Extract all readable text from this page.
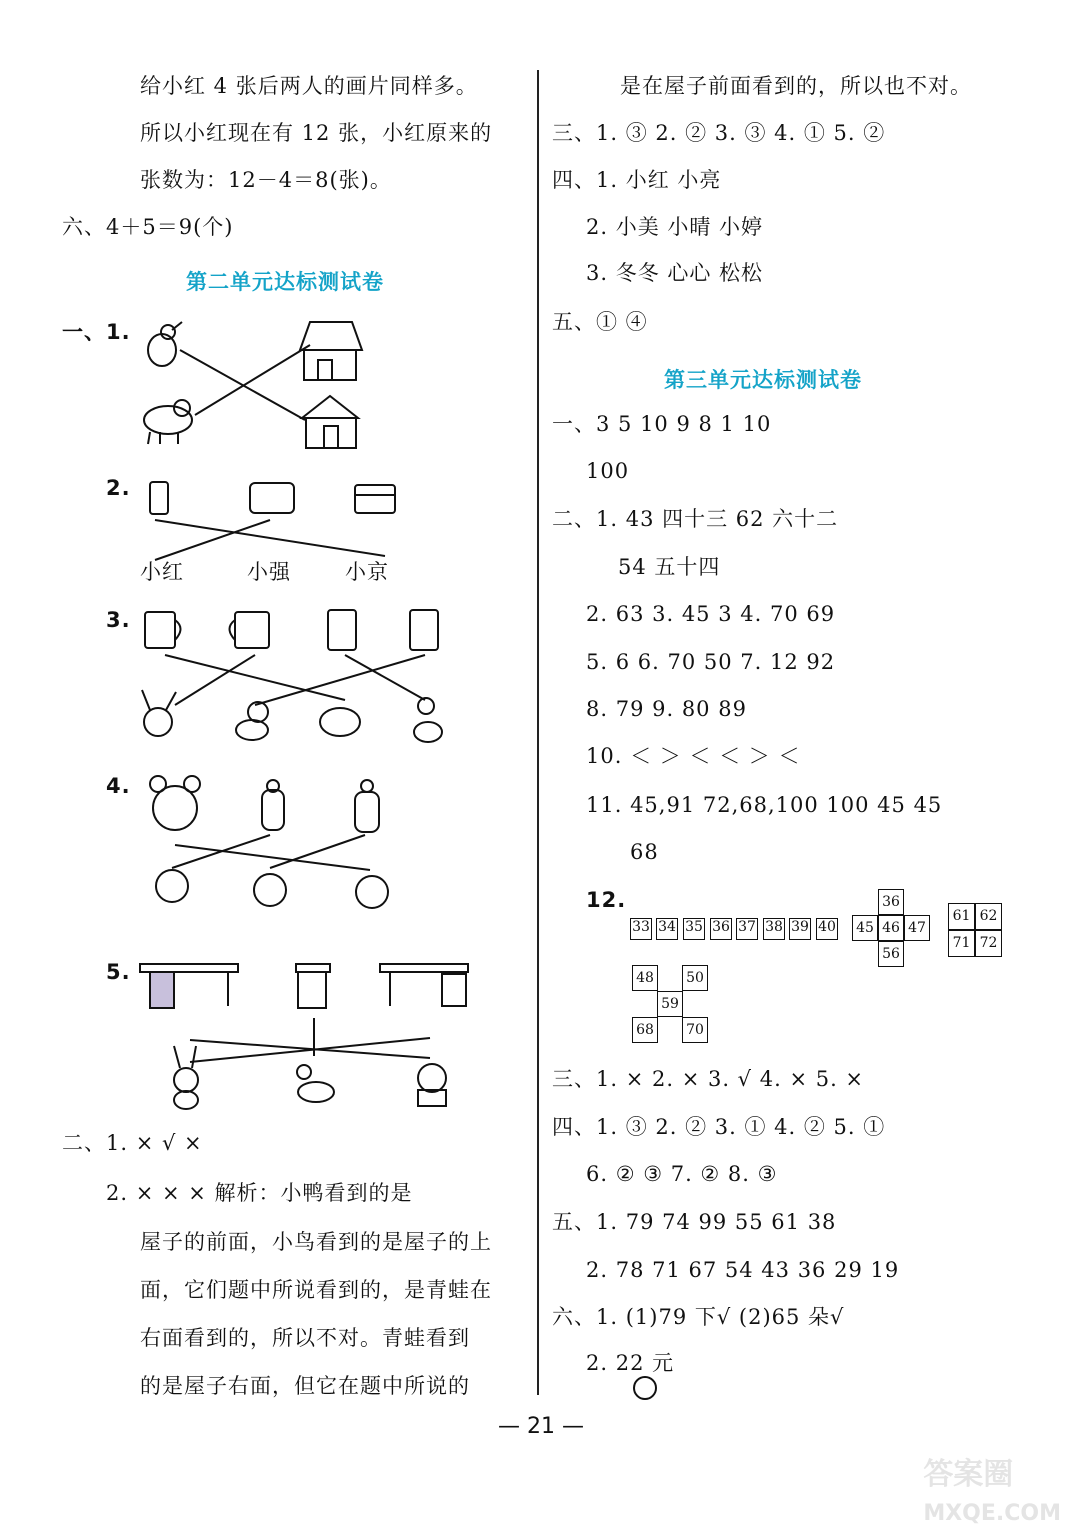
给小红 4 张后两人的画片同样多。
所以小红现在有 12 张，小红原来的
张数为：12－4＝8(张)。
六、4＋5＝9(个)
第二单元达标测试卷
一、1.
2.
3.
4.
5.
小红	小强	小京
二、1. × √ ×
2. × × × 解析：小鸭看到的是
屋子的前面，小鸟看到的是屋子的上
面，它们题中所说看到的，是青蛙在
右面看到的，所以不对。青蛙看到
的是屋子右面，但它在题中所说的
是在屋子前面看到的，所以也不对。
三、1. ③ 2. ② 3. ③ 4. ① 5. ②
四、1. 小红 小亮
2. 小美 小晴 小婷
3. 冬冬 心心 松松
五、① ④
第三单元达标测试卷
一、3 5 10 9 8 1 10
100
二、1. 43 四十三 62 六十二
54 五十四
2. 63 3. 45 3 4. 70 69
5. 6 6. 70 50 7. 12 92
8. 79 9. 80 89
10. ＜ ＞ ＜ ＜ ＞ ＜
11. 45,91 72,68,100 100 45 45
68
12.
33 34 35 36 37 38 39 40
36
45 46 47
56
61 62
71 72
48 50
59
68 70
三、1. × 2. × 3. √ 4. × 5. ×
四、1. ③ 2. ② 3. ① 4. ② 5. ①
6. ② ③ 7. ② 8. ③
五、1. 79 74 99 55 61 38
2. 78 71 67 54 43 36 29 19
六、1. (1)79 下√ (2)65 朵√
2. 22 元
— 21 —
答案圈
MXQE.COM
